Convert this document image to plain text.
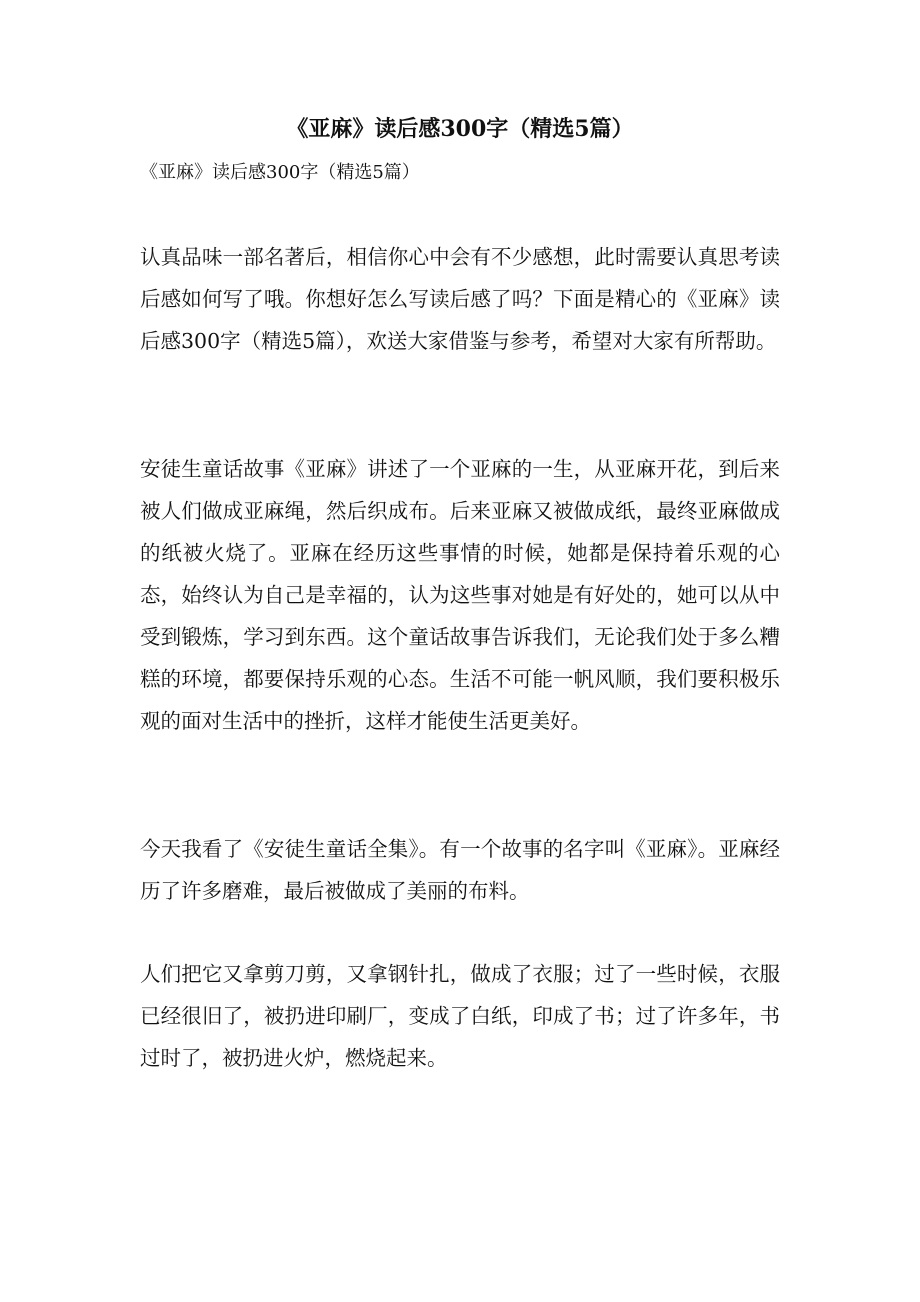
《亚麻》读后感300字（精选5篇）
《亚麻》读后感300字（精选5篇）

认真品味一部名著后，相信你心中会有不少感想，此时需要认真思考读后感如何写了哦。你想好怎么写读后感了吗？下面是精心的《亚麻》读后感300字（精选5篇），欢送大家借鉴与参考，希望对大家有所帮助。

安徒生童话故事《亚麻》讲述了一个亚麻的一生，从亚麻开花，到后来被人们做成亚麻绳，然后织成布。后来亚麻又被做成纸，最终亚麻做成的纸被火烧了。亚麻在经历这些事情的时候，她都是保持着乐观的心态，始终认为自己是幸福的，认为这些事对她是有好处的，她可以从中受到锻炼，学习到东西。这个童话故事告诉我们，无论我们处于多么糟糕的环境，都要保持乐观的心态。生活不可能一帆风顺，我们要积极乐观的面对生活中的挫折，这样才能使生活更美好。

今天我看了《安徒生童话全集》。有一个故事的名字叫《亚麻》。亚麻经历了许多磨难，最后被做成了美丽的布料。

人们把它又拿剪刀剪，又拿钢针扎，做成了衣服；过了一些时候，衣服已经很旧了，被扔进印刷厂，变成了白纸，印成了书；过了许多年，书过时了，被扔进火炉，燃烧起来。
